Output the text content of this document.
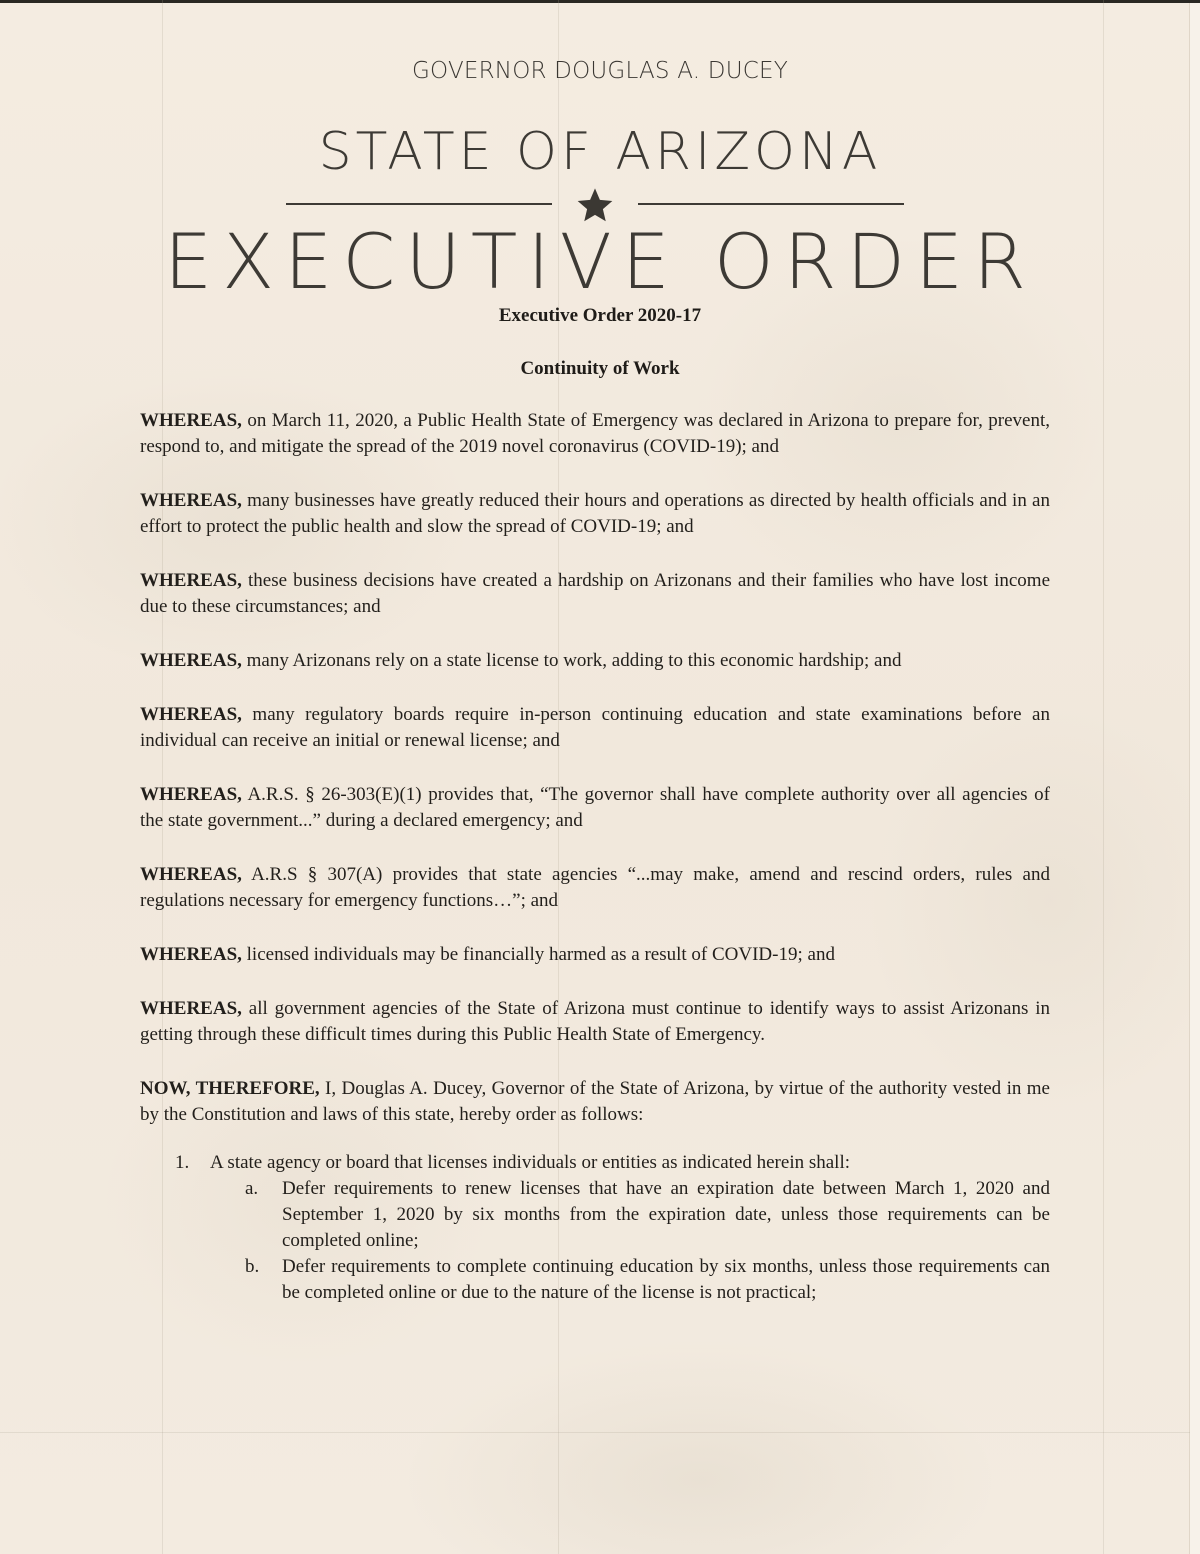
GOVERNOR DOUGLAS A. DUCEY
STATE OF ARIZONA
EXECUTIVE ORDER
Executive Order 2020-17
Continuity of Work

WHEREAS, on March 11, 2020, a Public Health State of Emergency was declared in Arizona to prepare for, prevent, respond to, and mitigate the spread of the 2019 novel coronavirus (COVID-19); and

WHEREAS, many businesses have greatly reduced their hours and operations as directed by health officials and in an effort to protect the public health and slow the spread of COVID-19; and

WHEREAS, these business decisions have created a hardship on Arizonans and their families who have lost income due to these circumstances; and

WHEREAS, many Arizonans rely on a state license to work, adding to this economic hardship; and

WHEREAS, many regulatory boards require in-person continuing education and state examinations before an individual can receive an initial or renewal license; and

WHEREAS, A.R.S. § 26-303(E)(1) provides that, “The governor shall have complete authority over all agencies of the state government...” during a declared emergency; and

WHEREAS, A.R.S § 307(A) provides that state agencies “...may make, amend and rescind orders, rules and regulations necessary for emergency functions…”; and

WHEREAS, licensed individuals may be financially harmed as a result of COVID-19; and

WHEREAS, all government agencies of the State of Arizona must continue to identify ways to assist Arizonans in getting through these difficult times during this Public Health State of Emergency.

NOW, THEREFORE, I, Douglas A. Ducey, Governor of the State of Arizona, by virtue of the authority vested in me by the Constitution and laws of this state, hereby order as follows:

1. A state agency or board that licenses individuals or entities as indicated herein shall:
a. Defer requirements to renew licenses that have an expiration date between March 1, 2020 and September 1, 2020 by six months from the expiration date, unless those requirements can be completed online;
b. Defer requirements to complete continuing education by six months, unless those requirements can be completed online or due to the nature of the license is not practical;
